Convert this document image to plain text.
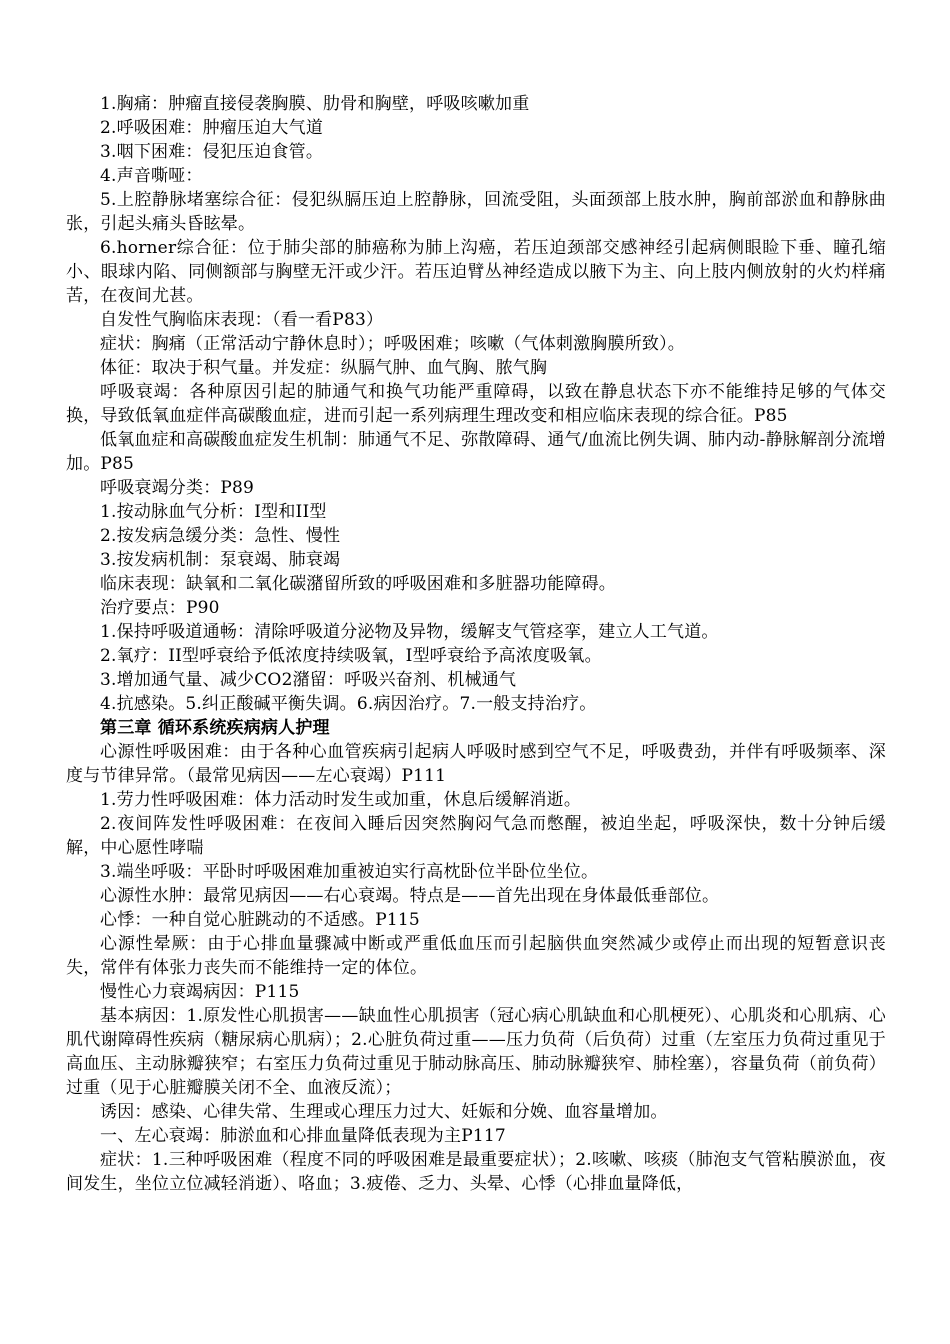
1.胸痛：肿瘤直接侵袭胸膜、肋骨和胸壁，呼吸咳嗽加重

2.呼吸困难：肿瘤压迫大气道

3.咽下困难：侵犯压迫食管。

4.声音嘶哑：

5.上腔静脉堵塞综合征：侵犯纵膈压迫上腔静脉，回流受阻，头面颈部上肢水肿，胸前部淤血和静脉曲张，引起头痛头昏眩晕。

6.horner综合征：位于肺尖部的肺癌称为肺上沟癌，若压迫颈部交感神经引起病侧眼睑下垂、瞳孔缩小、眼球内陷、同侧额部与胸壁无汗或少汗。若压迫臂丛神经造成以腋下为主、向上肢内侧放射的火灼样痛苦，在夜间尤甚。

自发性气胸临床表现：（看一看P83）

症状：胸痛（正常活动宁静休息时）；呼吸困难；咳嗽（气体刺激胸膜所致）。

体征：取决于积气量。并发症：纵膈气肿、血气胸、脓气胸

呼吸衰竭：各种原因引起的肺通气和换气功能严重障碍，以致在静息状态下亦不能维持足够的气体交换，导致低氧血症伴高碳酸血症，进而引起一系列病理生理改变和相应临床表现的综合征。P85

低氧血症和高碳酸血症发生机制：肺通气不足、弥散障碍、通气/血流比例失调、肺内动-静脉解剖分流增加。P85

呼吸衰竭分类：P89

1.按动脉血气分析：I型和II型

2.按发病急缓分类：急性、慢性

3.按发病机制：泵衰竭、肺衰竭

临床表现：缺氧和二氧化碳潴留所致的呼吸困难和多脏器功能障碍。

治疗要点：P90

1.保持呼吸道通畅：清除呼吸道分泌物及异物，缓解支气管痉挛，建立人工气道。

2.氧疗：II型呼衰给予低浓度持续吸氧，I型呼衰给予高浓度吸氧。

3.增加通气量、减少CO2潴留：呼吸兴奋剂、机械通气

4.抗感染。5.纠正酸碱平衡失调。6.病因治疗。7.一般支持治疗。

第三章 循环系统疾病病人护理

心源性呼吸困难：由于各种心血管疾病引起病人呼吸时感到空气不足，呼吸费劲，并伴有呼吸频率、深度与节律异常。（最常见病因——左心衰竭）P111

1.劳力性呼吸困难：体力活动时发生或加重，休息后缓解消逝。

2.夜间阵发性呼吸困难：在夜间入睡后因突然胸闷气急而憋醒，被迫坐起，呼吸深快，数十分钟后缓解，中心愿性哮喘

3.端坐呼吸：平卧时呼吸困难加重被迫实行高枕卧位半卧位坐位。

心源性水肿：最常见病因——右心衰竭。特点是——首先出现在身体最低垂部位。

心悸：一种自觉心脏跳动的不适感。P115

心源性晕厥：由于心排血量骤减中断或严重低血压而引起脑供血突然减少或停止而出现的短暂意识丧失，常伴有体张力丧失而不能维持一定的体位。

慢性心力衰竭病因：P115

基本病因：1.原发性心肌损害——缺血性心肌损害（冠心病心肌缺血和心肌梗死）、心肌炎和心肌病、心肌代谢障碍性疾病（糖尿病心肌病）；2.心脏负荷过重——压力负荷（后负荷）过重（左室压力负荷过重见于高血压、主动脉瓣狭窄；右室压力负荷过重见于肺动脉高压、肺动脉瓣狭窄、肺栓塞），容量负荷（前负荷）过重（见于心脏瓣膜关闭不全、血液反流）；

诱因：感染、心律失常、生理或心理压力过大、妊娠和分娩、血容量增加。

一、左心衰竭：肺淤血和心排血量降低表现为主P117

症状：1.三种呼吸困难（程度不同的呼吸困难是最重要症状）；2.咳嗽、咳痰（肺泡支气管粘膜淤血，夜间发生，坐位立位减轻消逝）、咯血；3.疲倦、乏力、头晕、心悸（心排血量降低，
